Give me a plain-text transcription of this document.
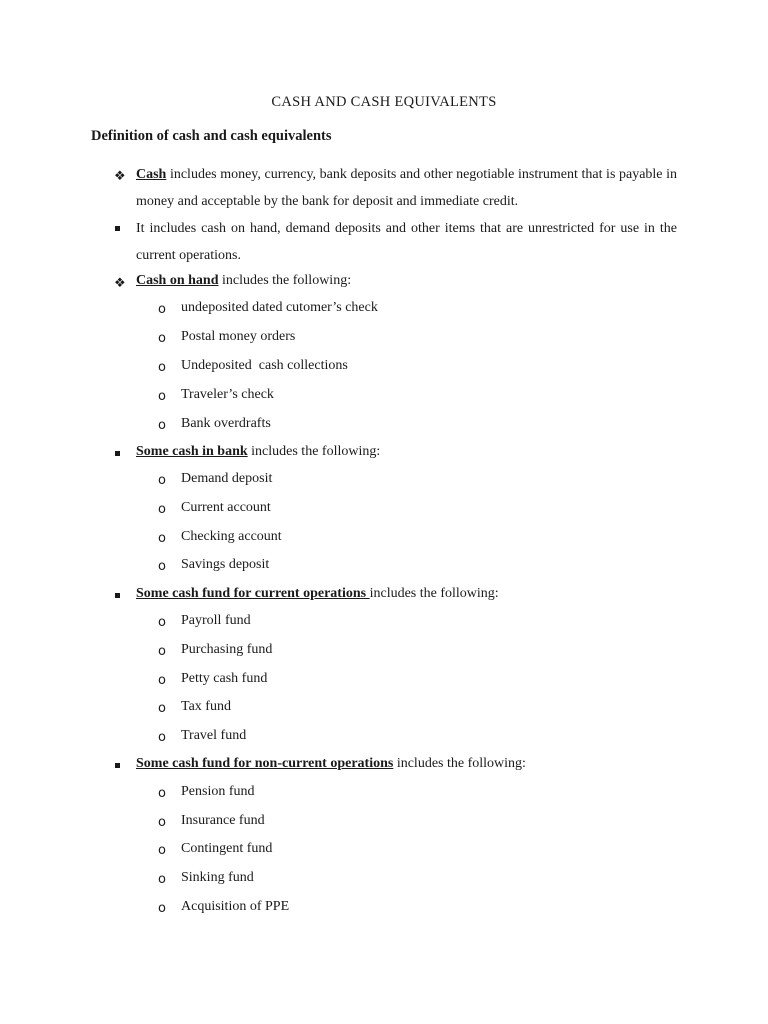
CASH AND CASH EQUIVALENTS
Definition of cash and cash equivalents
❖ Cash includes money, currency, bank deposits and other negotiable instrument that is payable in money and acceptable by the bank for deposit and immediate credit.
It includes cash on hand, demand deposits and other items that are unrestricted for use in the current operations.
❖ Cash on hand includes the following:
o undeposited dated cutomer’s check
o Postal money orders
o Undeposited  cash collections
o Traveler’s check
o Bank overdrafts
Some cash in bank includes the following:
o Demand deposit
o Current account
o Checking account
o Savings deposit
Some cash fund for current operations includes the following:
o Payroll fund
o Purchasing fund
o Petty cash fund
o Tax fund
o Travel fund
Some cash fund for non-current operations includes the following:
o Pension fund
o Insurance fund
o Contingent fund
o Sinking fund
o Acquisition of PPE
